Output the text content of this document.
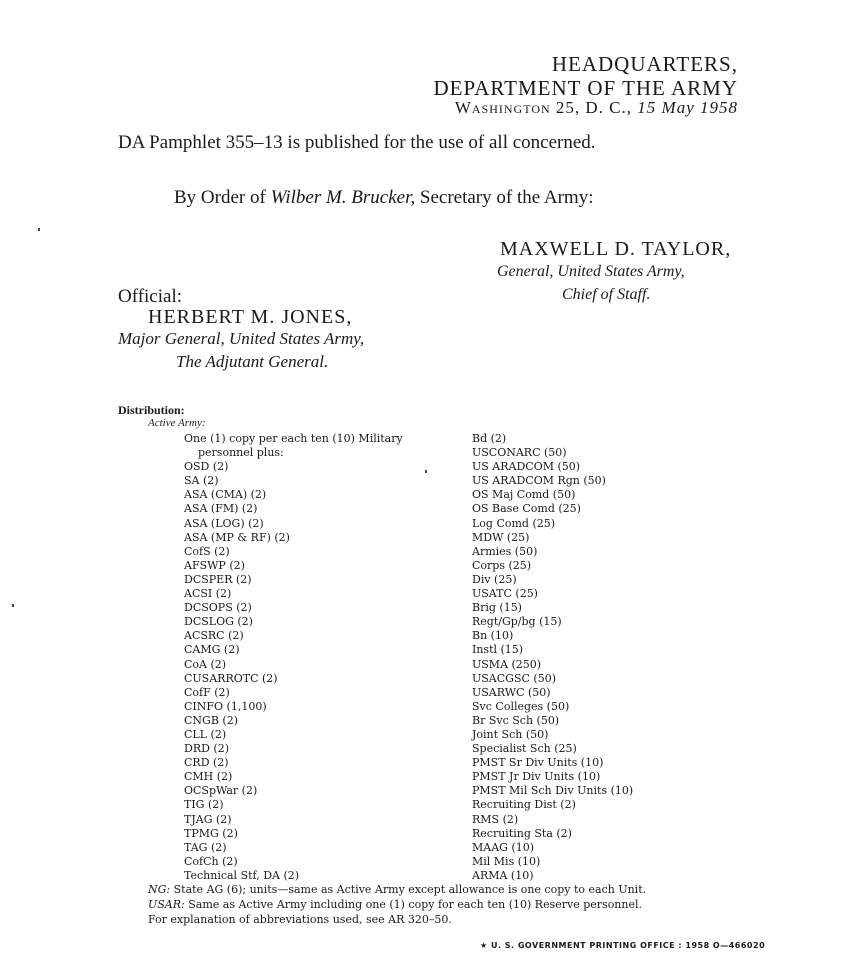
HEADQUARTERS,
DEPARTMENT OF THE ARMY
Washington 25, D. C., 15 May 1958
DA Pamphlet 355–13 is published for the use of all concerned.
By Order of Wilber M. Brucker, Secretary of the Army:
MAXWELL D. TAYLOR,
General, United States Army,
Chief of Staff.
Official:
HERBERT M. JONES,
Major General, United States Army,
The Adjutant General.
Distribution:
Active Army:
One (1) copy per each ten (10) Military
personnel plus:
OSD (2)
SA (2)
ASA (CMA) (2)
ASA (FM) (2)
ASA (LOG) (2)
ASA (MP & RF) (2)
CofS (2)
AFSWP (2)
DCSPER (2)
ACSI (2)
DCSOPS (2)
DCSLOG (2)
ACSRC (2)
CAMG (2)
CoA (2)
CUSARROTC (2)
CofF (2)
CINFO (1,100)
CNGB (2)
CLL (2)
DRD (2)
CRD (2)
CMH (2)
OCSpWar (2)
TIG (2)
TJAG (2)
TPMG (2)
TAG (2)
CofCh (2)
Technical Stf, DA (2)
Bd (2)
USCONARC (50)
US ARADCOM (50)
US ARADCOM Rgn (50)
OS Maj Comd (50)
OS Base Comd (25)
Log Comd (25)
MDW (25)
Armies (50)
Corps (25)
Div (25)
USATC (25)
Brig (15)
Regt/Gp/bg (15)
Bn (10)
Instl (15)
USMA (250)
USACGSC (50)
USARWC (50)
Svc Colleges (50)
Br Svc Sch (50)
Joint Sch (50)
Specialist Sch (25)
PMST Sr Div Units (10)
PMST Jr Div Units (10)
PMST Mil Sch Div Units (10)
Recruiting Dist (2)
RMS (2)
Recruiting Sta (2)
MAAG (10)
Mil Mis (10)
ARMA (10)
NG: State AG (6); units—same as Active Army except allowance is one copy to each Unit.
USAR: Same as Active Army including one (1) copy for each ten (10) Reserve personnel.
For explanation of abbreviations used, see AR 320–50.
★ U. S. GOVERNMENT PRINTING OFFICE : 1958 O—466020
